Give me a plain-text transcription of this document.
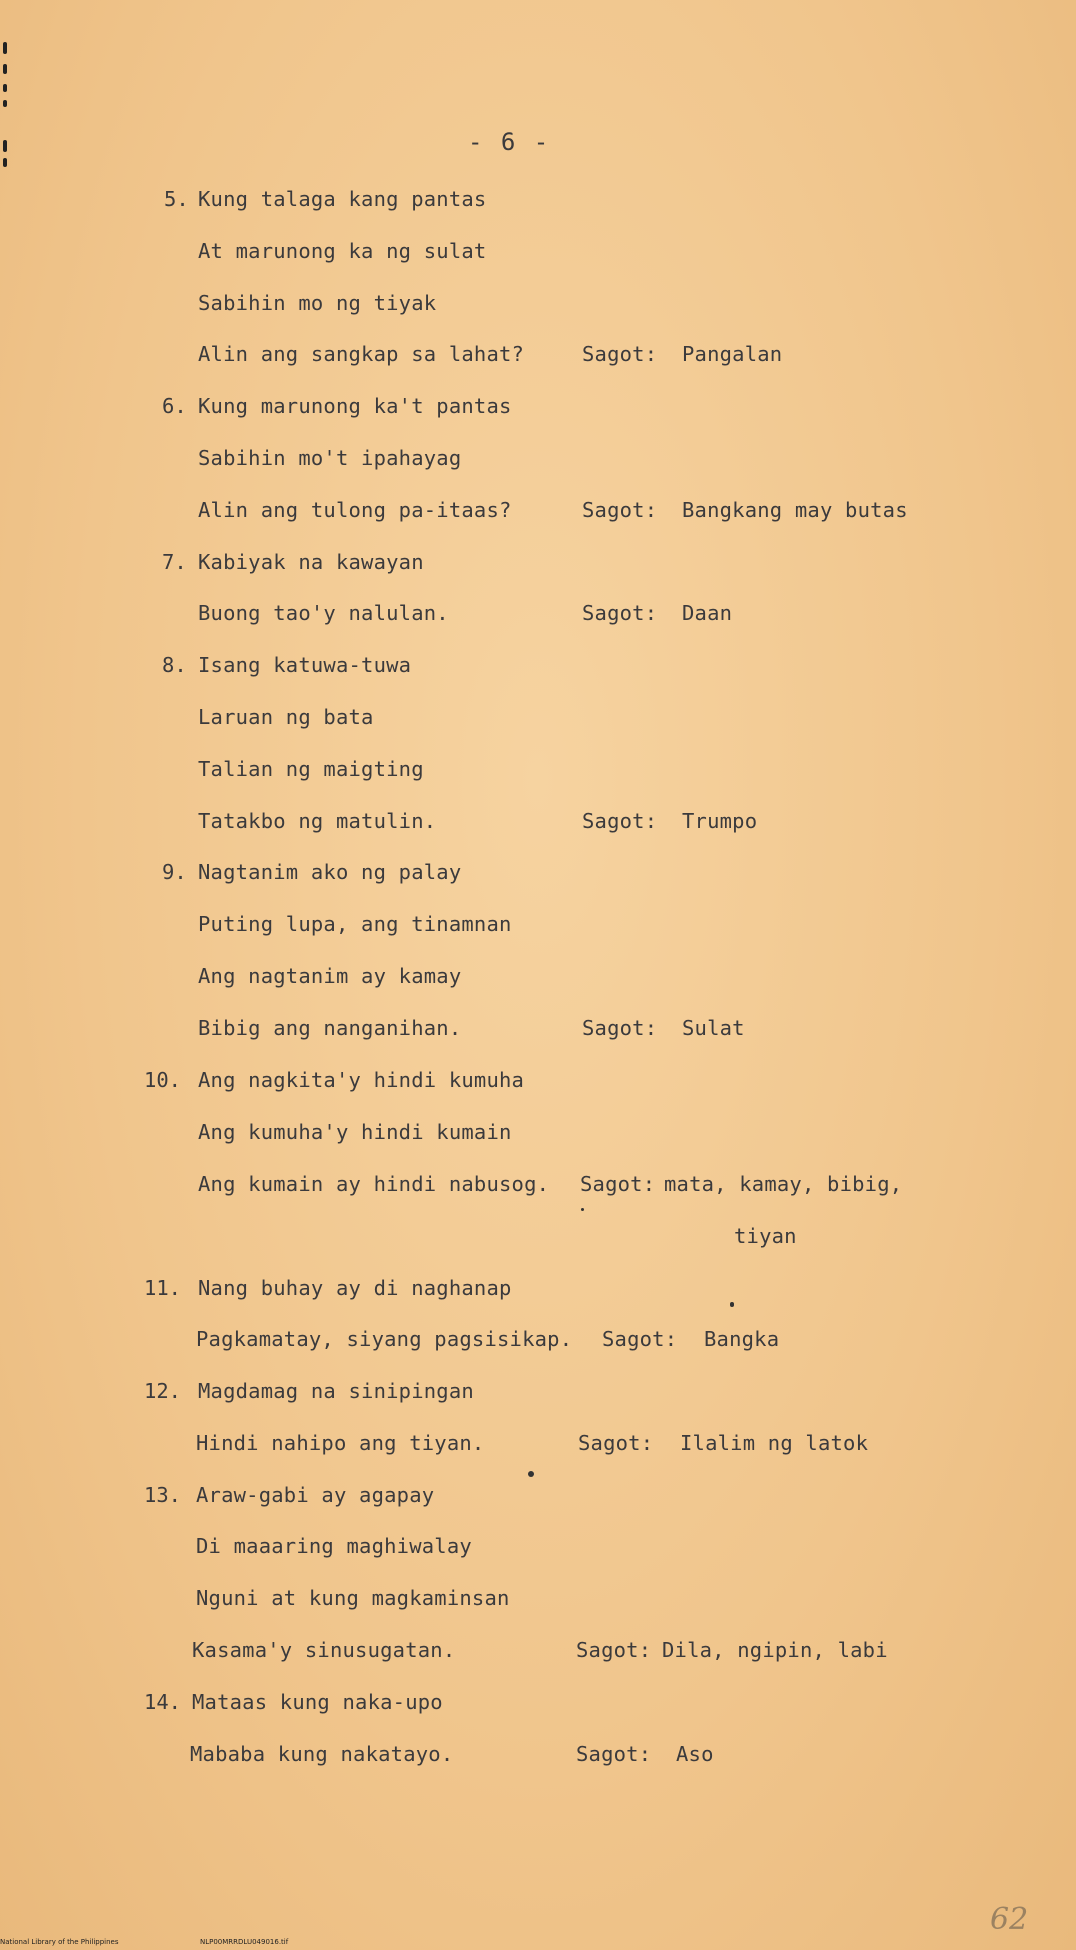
- 6 -
5. Kung talaga kang pantas
At marunong ka ng sulat
Sabihin mo ng tiyak
Alin ang sangkap sa lahat?	Sagot: Pangalan
6. Kung marunong ka't pantas
Sabihin mo't ipahayag
Alin ang tulong pa-itaas?	Sagot: Bangkang may butas
7. Kabiyak na kawayan
Buong tao'y nalulan.	Sagot: Daan
8. Isang katuwa-tuwa
Laruan ng bata
Talian ng maigting
Tatakbo ng matulin.	Sagot: Trumpo
9. Nagtanim ako ng palay
Puting lupa, ang tinamnan
Ang nagtanim ay kamay
Bibig ang nanganihan.	Sagot: Sulat
10. Ang nagkita'y hindi kumuha
Ang kumuha'y hindi kumain
Ang kumain ay hindi nabusog. Sagot: mata, kamay, bibig,
tiyan
11. Nang buhay ay di naghanap
Pagkamatay, siyang pagsisikap. Sagot: Bangka
12. Magdamag na sinipingan
Hindi nahipo ang tiyan.	Sagot: Ilalim ng latok
13. Araw-gabi ay agapay
Di maaaring maghiwalay
Nguni at kung magkaminsan
Kasama'y sinusugatan.	Sagot: Dila, ngipin, labi
14. Mataas kung naka-upo
Mababa kung nakatayo.	Sagot: Aso
62
National Library of the Philippines	NLP00MRRDLU049016.tif
